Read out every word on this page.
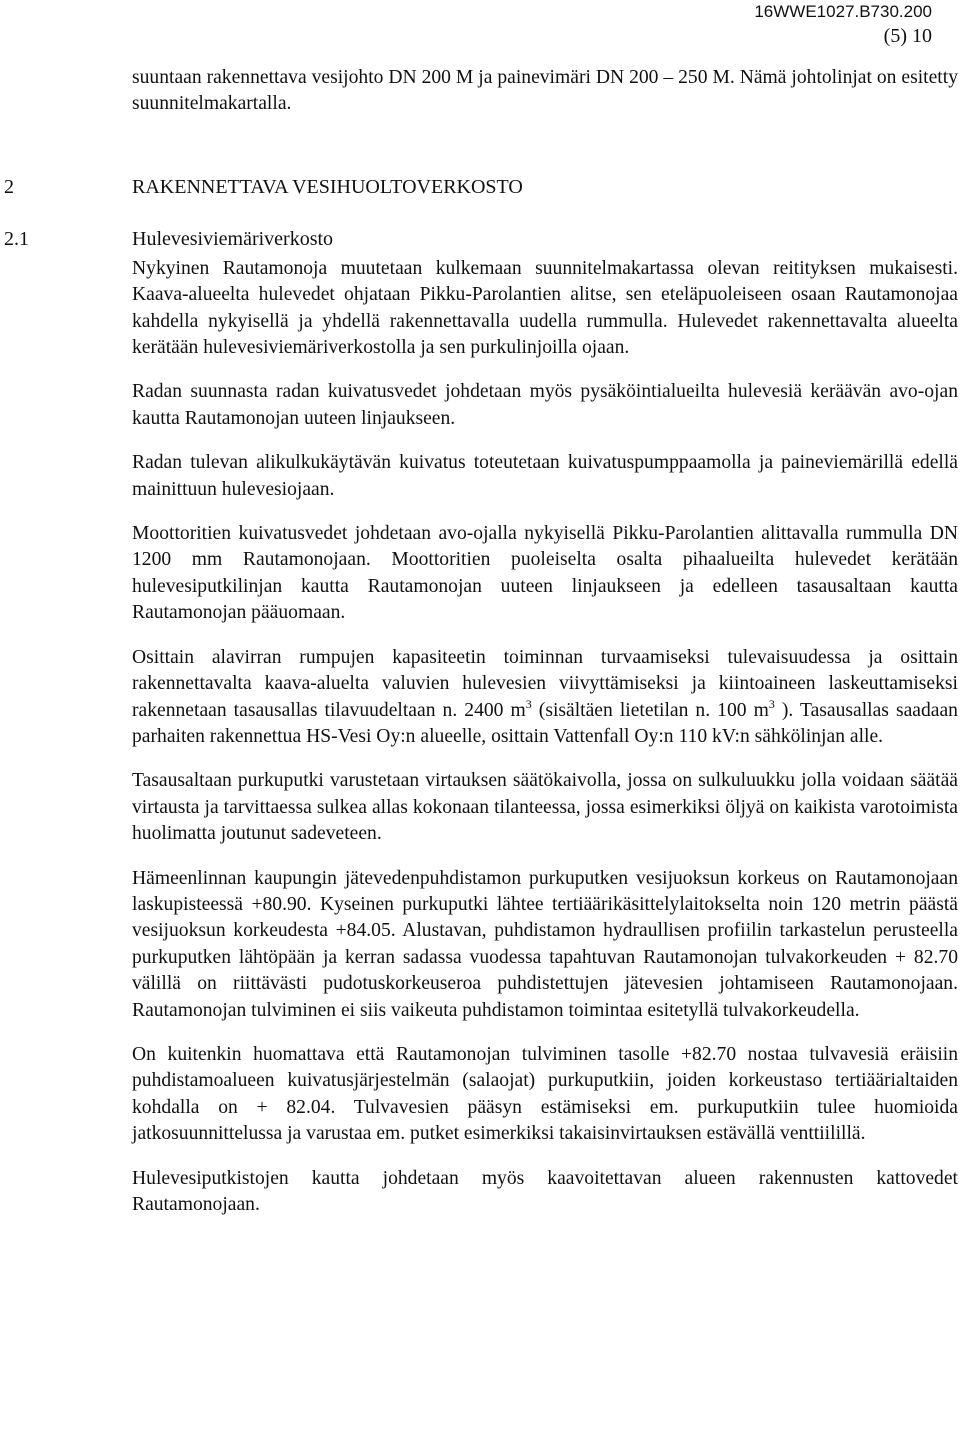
16WWE1027.B730.200
(5) 10

suuntaan rakennettava vesijohto DN 200 M ja painevimäri DN 200 – 250 M. Nämä johtolinjat on esitetty suunnitelmakartalla.

2	RAKENNETTAVA VESIHUOLTOVERKOSTO
2.1	Hulevesiviemäriverkosto

Nykyinen Rautamonoja muutetaan kulkemaan suunnitelmakartassa olevan reitityksen mukaisesti. Kaava-alueelta hulevedet ohjataan Pikku-Parolantien alitse, sen eteläpuoleiseen osaan Rautamonojaa kahdella nykyisellä ja yhdellä rakennettavalla uudella rummulla. Hulevedet rakennettavalta alueelta kerätään hulevesiviemäriverkostolla ja sen purkulinjoilla ojaan.

Radan suunnasta radan kuivatusvedet johdetaan myös pysäköintialueilta hulevesiä keräävän avo-ojan kautta Rautamonojan uuteen linjaukseen.

Radan tulevan alikulkukäytävän kuivatus toteutetaan kuivatuspumppaamolla ja paineviemärillä edellä mainittuun hulevesiojaan.

Moottoritien kuivatusvedet johdetaan avo-ojalla nykyisellä Pikku-Parolantien alittavalla rummulla DN 1200 mm Rautamonojaan. Moottoritien puoleiselta osalta pihaalueilta hulevedet kerätään hulevesiputkilinjan kautta Rautamonojan uuteen linjaukseen ja edelleen tasausaltaan kautta Rautamonojan pääuomaan.

Osittain alavirran rumpujen kapasiteetin toiminnan turvaamiseksi tulevaisuudessa ja osittain rakennettavalta kaava-aluelta valuvien hulevesien viivyttämiseksi ja kiintoaineen laskeuttamiseksi rakennetaan tasausallas tilavuudeltaan n. 2400 $m^3$ (sisältäen lietetilan n. 100 $m^3$ ). Tasausallas saadaan parhaiten rakennettua HS-Vesi Oy:n alueelle, osittain Vattenfall Oy:n 110 kV:n sähkölinjan alle.

Tasausaltaan purkuputki varustetaan virtauksen säätökaivolla, jossa on sulkuluukku jolla voidaan säätää virtausta ja tarvittaessa sulkea allas kokonaan tilanteessa, jossa esimerkiksi öljyä on kaikista varotoimista huolimatta joutunut sadeveteen.

Hämeenlinnan kaupungin jätevedenpuhdistamon purkuputken vesijuoksun korkeus on Rautamonojaan laskupisteessä +80.90. Kyseinen purkuputki lähtee tertiäärikäsittelylaitokselta noin 120 metrin päästä vesijuoksun korkeudesta +84.05. Alustavan, puhdistamon hydraullisen profiilin tarkastelun perusteella purkuputken lähtöpään ja kerran sadassa vuodessa tapahtuvan Rautamonojan tulvakorkeuden + 82.70 välillä on riittävästi pudotuskorkeuseroa puhdistettujen jätevesien johtamiseen Rautamonojaan. Rautamonojan tulviminen ei siis vaikeuta puhdistamon toimintaa esitetyllä tulvakorkeudella.

On kuitenkin huomattava että Rautamonojan tulviminen tasolle +82.70 nostaa tulvavesiä eräisiin puhdistamoalueen kuivatusjärjestelmän (salaojat) purkuputkiin, joiden korkeustaso tertiäärialtaiden kohdalla on + 82.04. Tulvavesien pääsyn estämiseksi em. purkuputkiin tulee huomioida jatkosuunnittelussa ja varustaa em. putket esimerkiksi takaisinvirtauksen estävällä venttiilillä.

Hulevesiputkistojen kautta johdetaan myös kaavoitettavan alueen rakennusten kattovedet Rautamonojaan.
